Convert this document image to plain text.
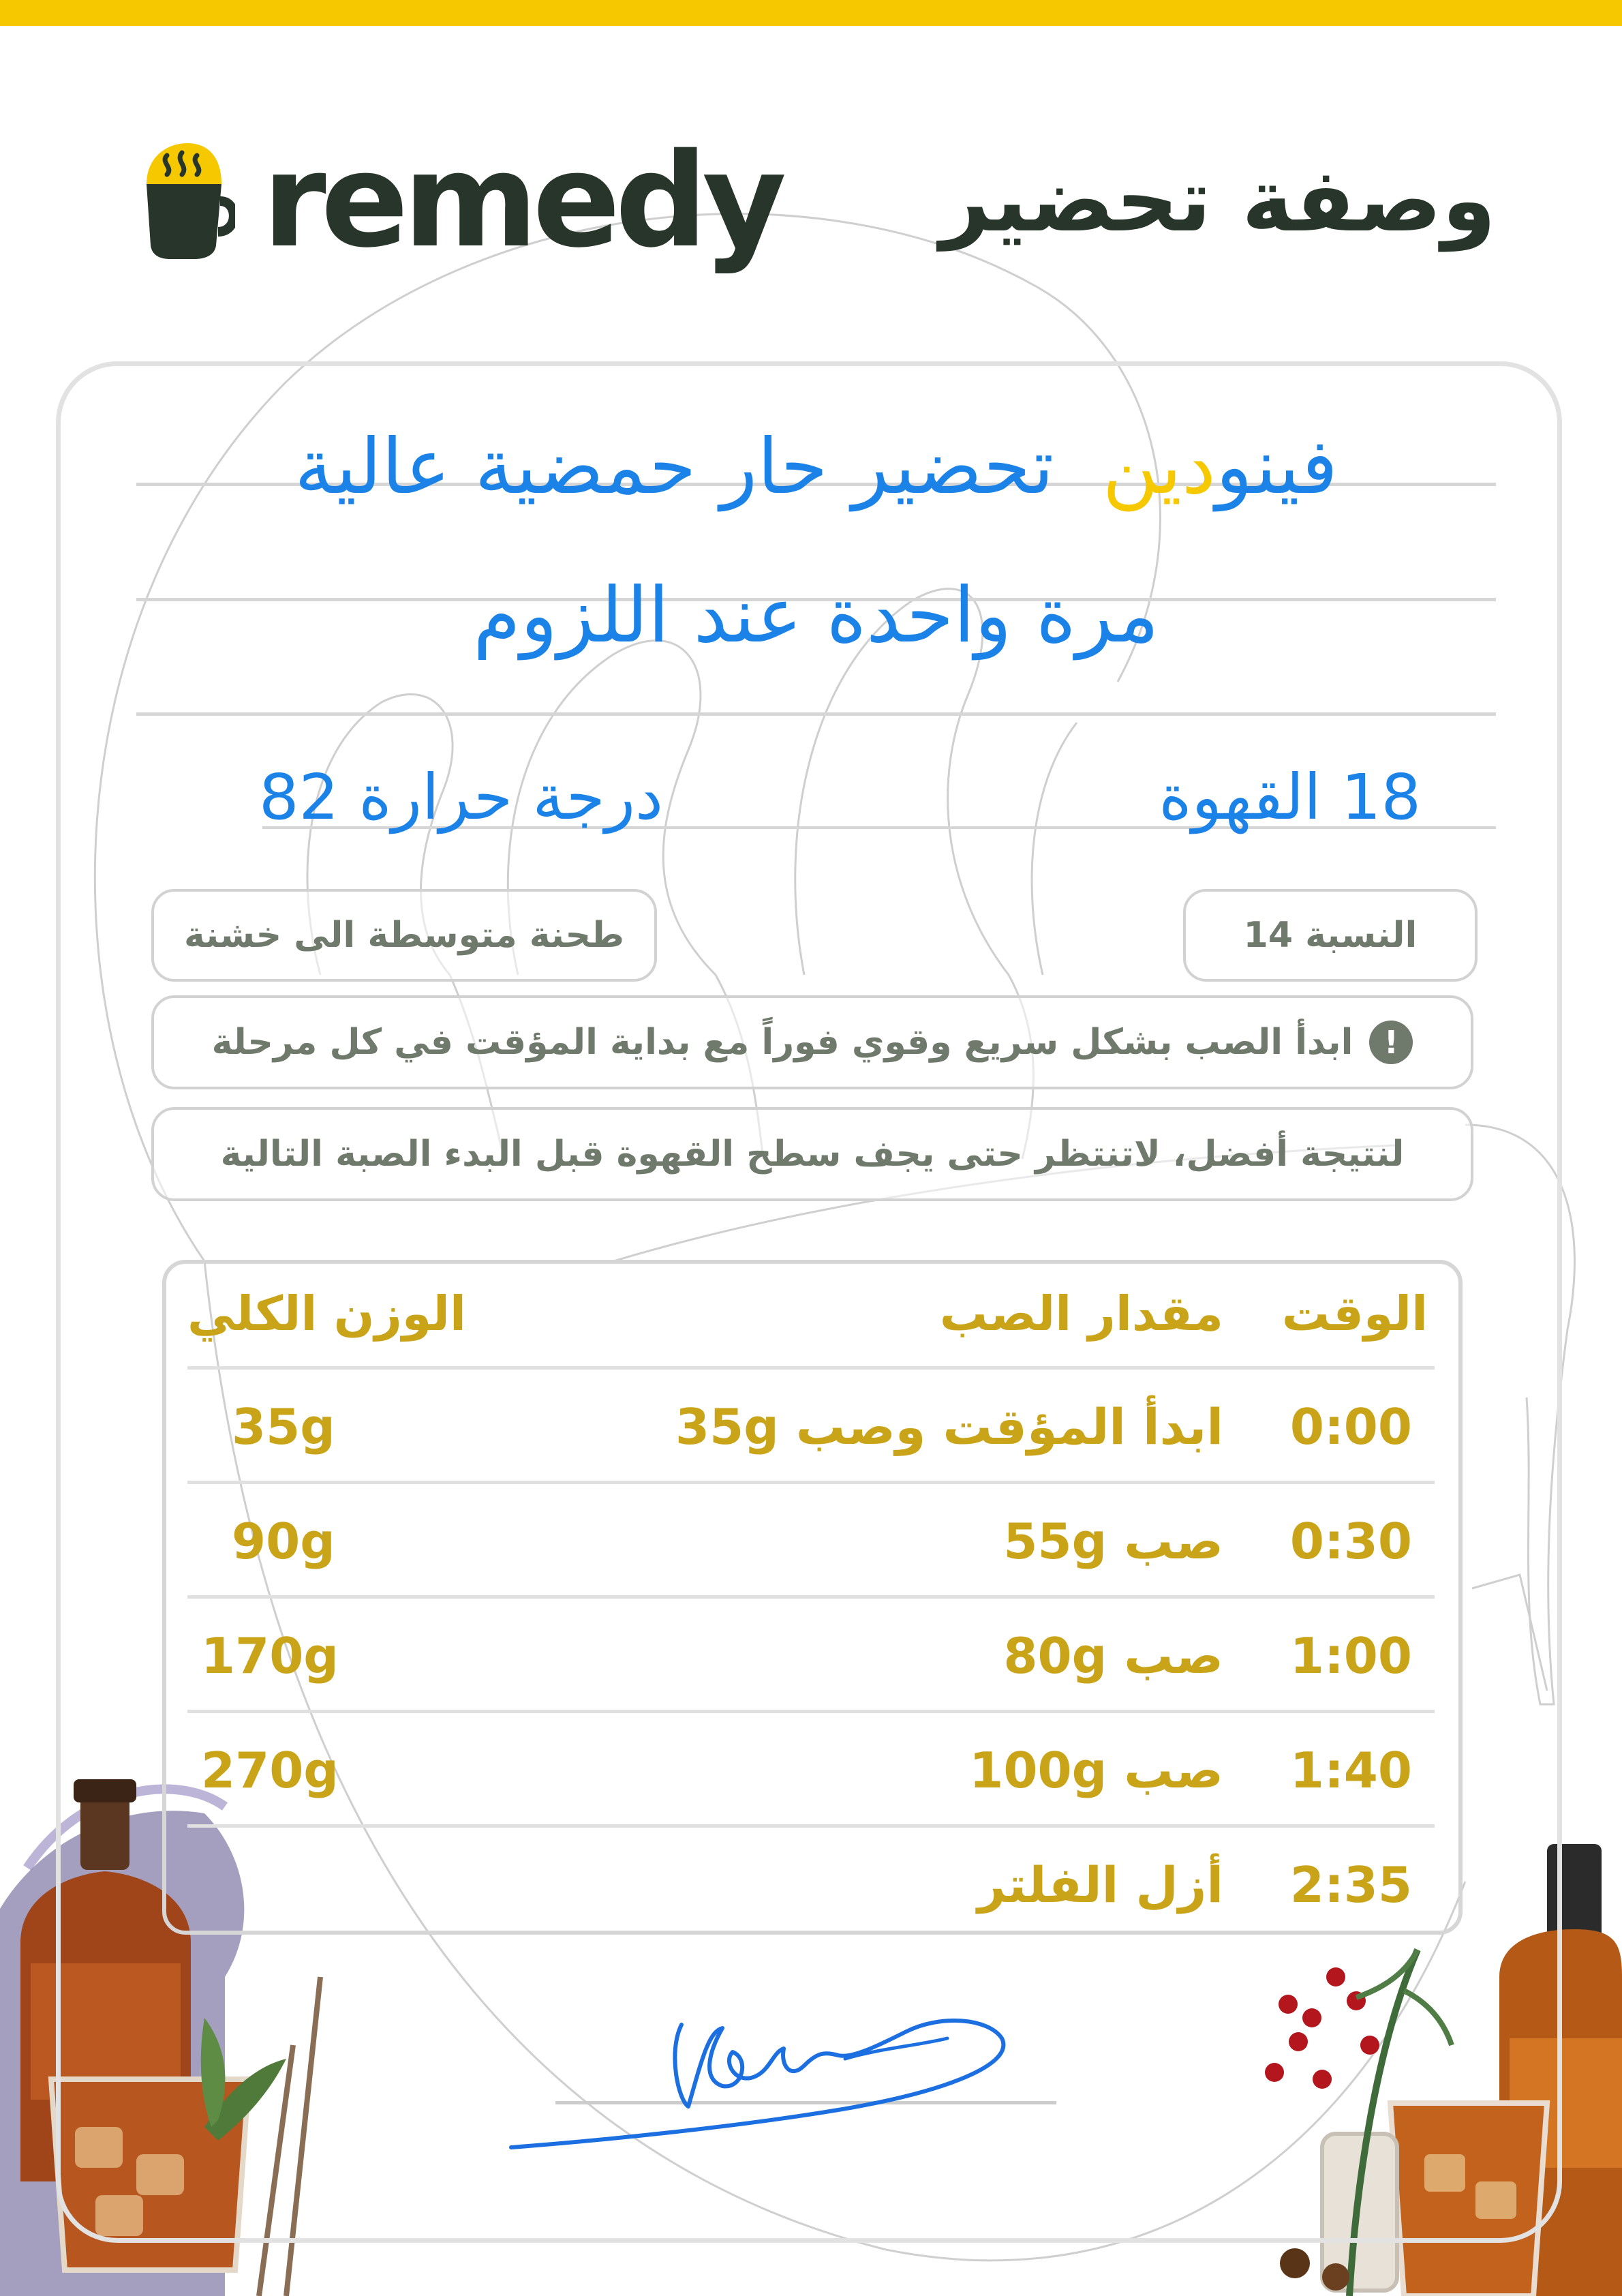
remedy وصفة تحضير
فينودين  تحضير حار حمضية عالية
مرة واحدة عند اللزوم
18 القهوة
درجة حرارة 82
النسبة 14
طحنة متوسطة الى خشنة
!
ابدأ الصب بشكل سريع وقوي فوراً مع بداية المؤقت في كل مرحلة
لنتيجة أفضل، لاتنتظر حتى يجف سطح القهوة قبل البدء الصبة التالية
الوقت
مقدار الصب
الوزن الكلي
0:00
ابدأ المؤقت وصب 35g
35g
0:30
صب 55g
90g
1:00
صب 80g
170g
1:40
صب 100g
270g
2:35
أزل الفلتر
